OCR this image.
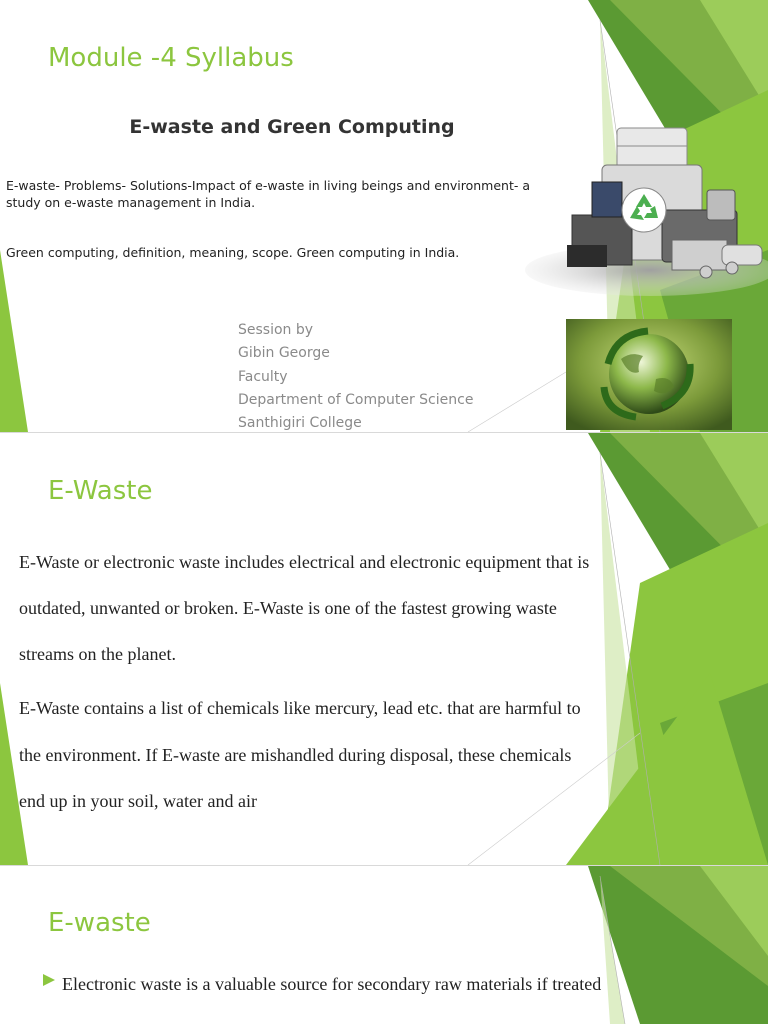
Module -4 Syllabus
E-waste and Green Computing
E-waste- Problems- Solutions-Impact of e-waste in living beings and environment- a
study on e-waste management in India.
Green computing, definition, meaning, scope. Green computing in India.
Session by
Gibin George
Faculty
Department of Computer Science
Santhigiri College
E-Waste

E-Waste or electronic waste includes electrical and electronic equipment that is

outdated, unwanted or broken. E-Waste is one of the fastest growing waste

streams on the planet.

E-Waste contains a list of chemicals like mercury, lead etc. that are harmful to

the environment. If E-waste are mishandled during disposal, these chemicals

end up in your soil, water and air

E-waste
Electronic waste is a valuable source for secondary raw materials if treated
